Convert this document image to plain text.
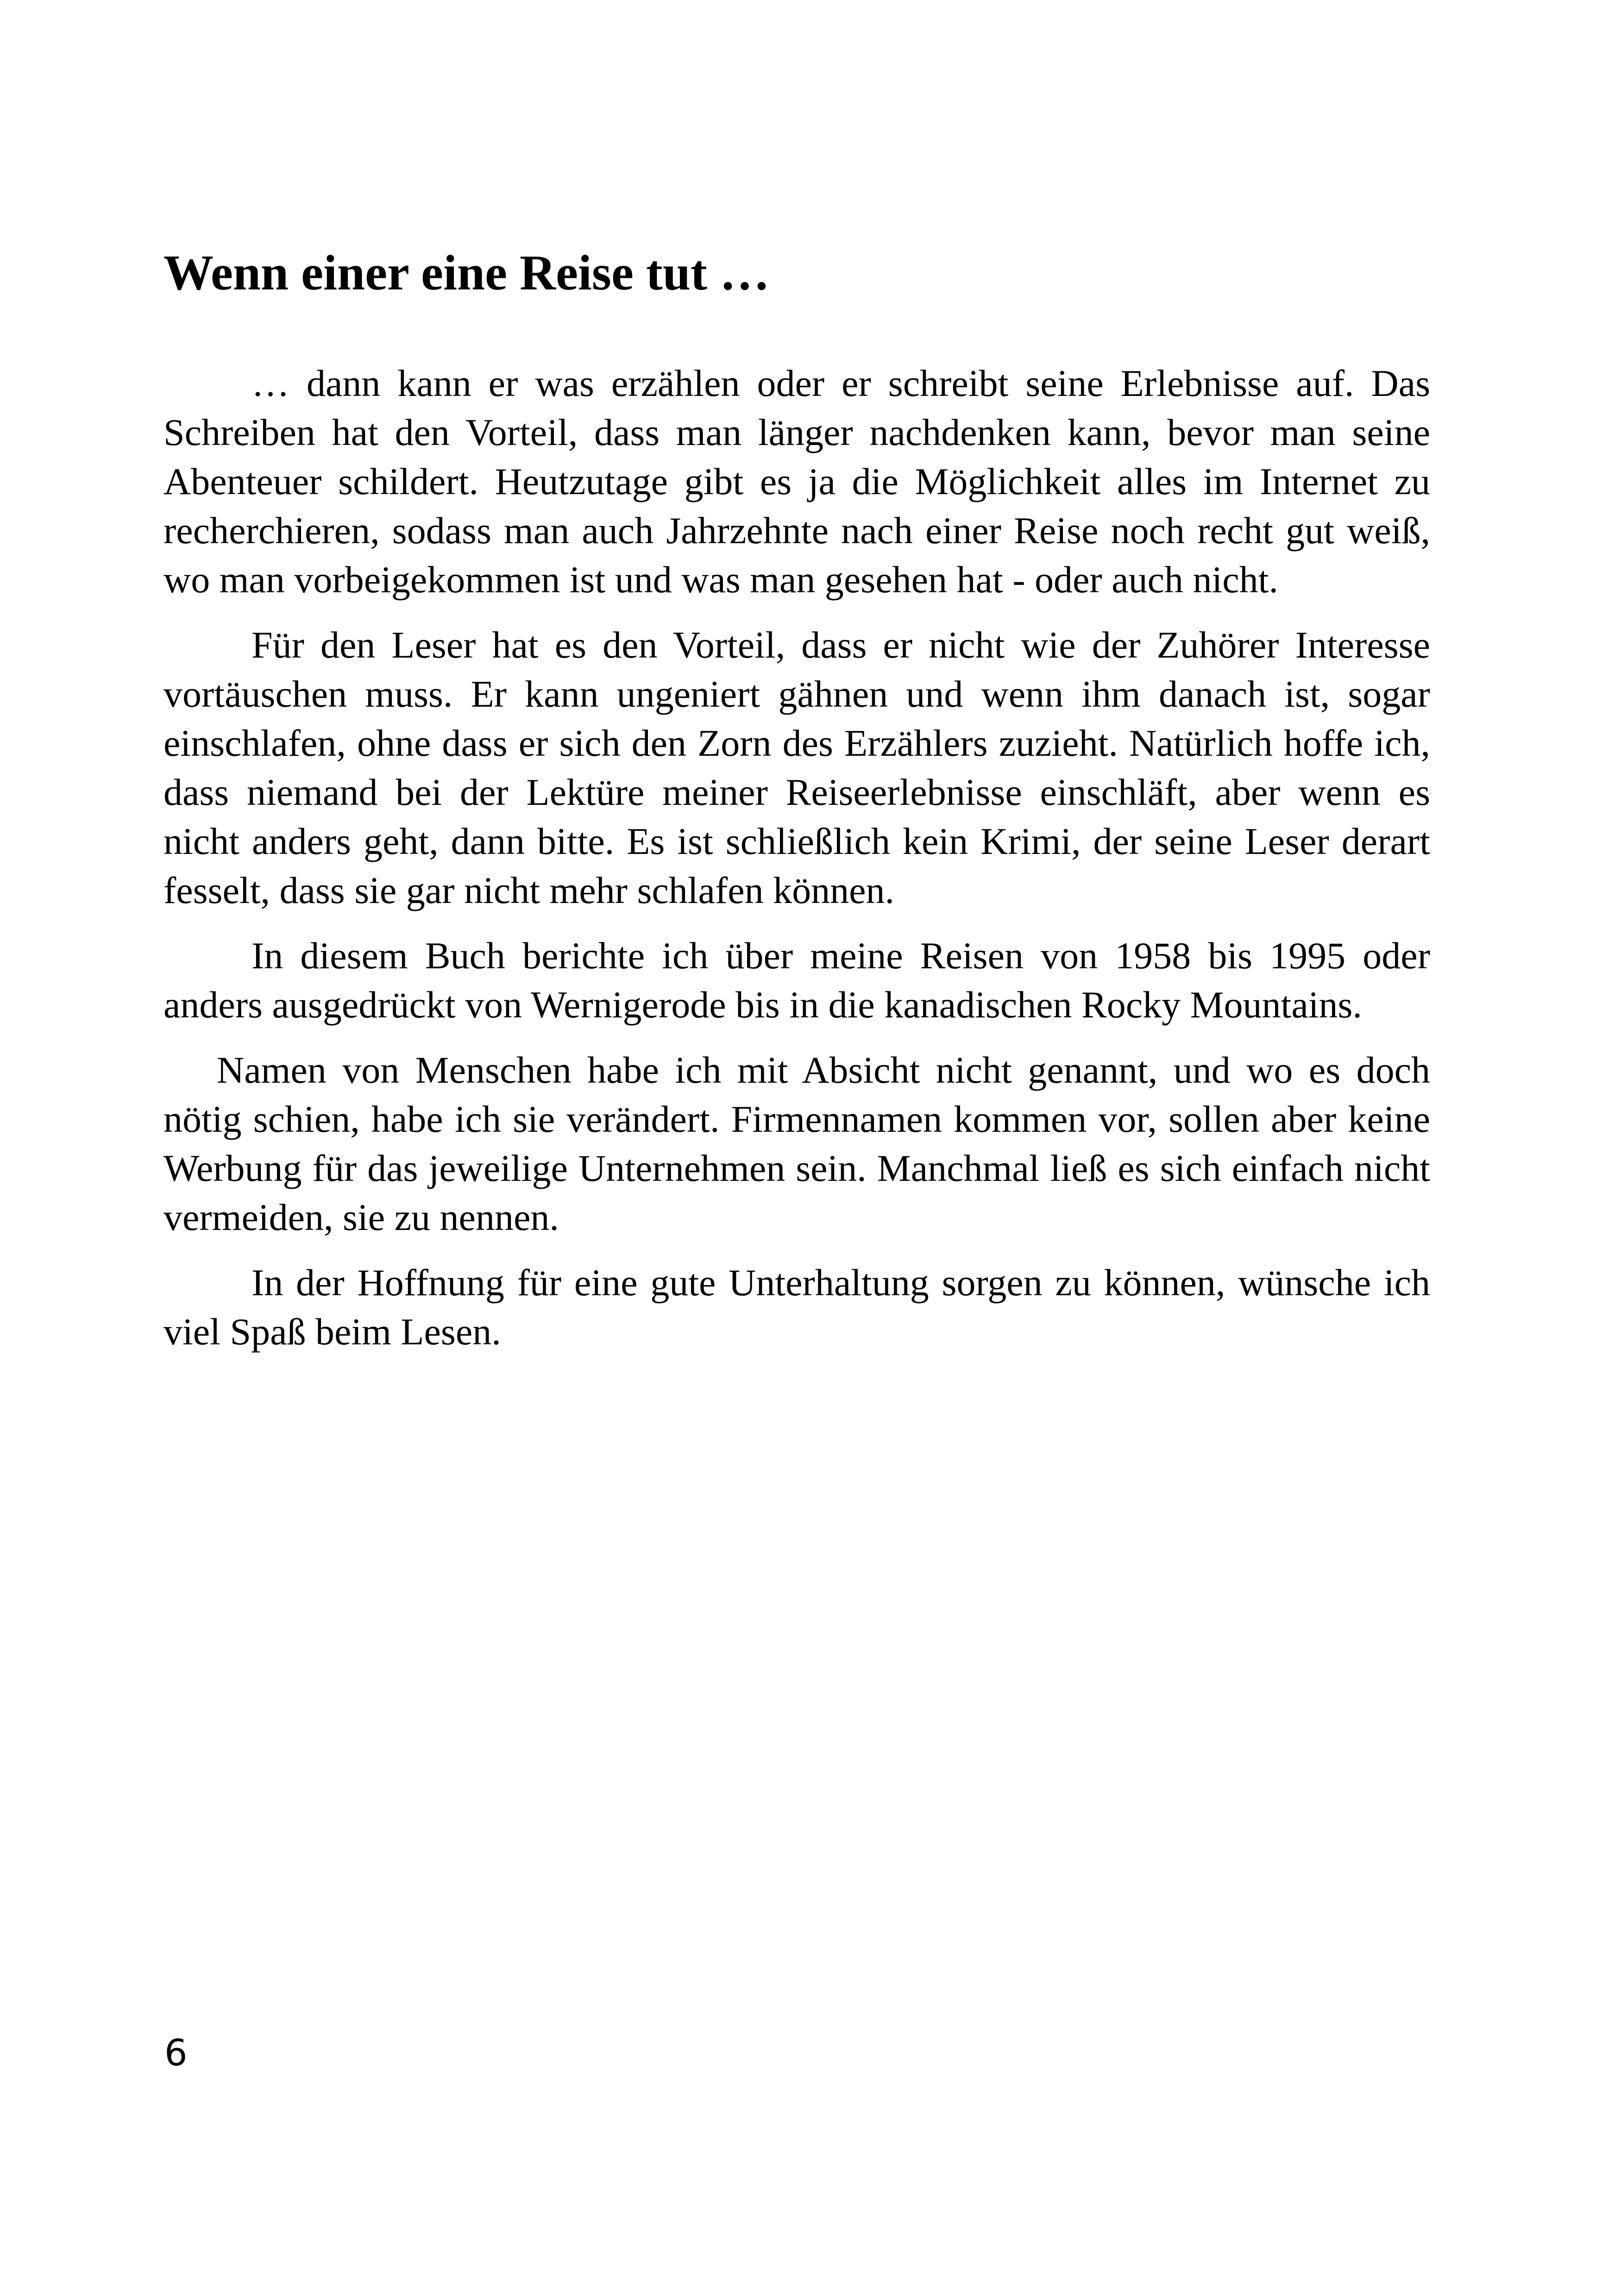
Wenn einer eine Reise tut …

… dann kann er was erzählen oder er schreibt seine Erlebnisse auf. Das Schreiben hat den Vorteil, dass man länger nachdenken kann, bevor man seine Abenteuer schildert. Heutzutage gibt es ja die Möglichkeit alles im Internet zu recherchieren, sodass man auch Jahrzehnte nach einer Reise noch recht gut weiß, wo man vorbeigekommen ist und was man gesehen hat - oder auch nicht.

Für den Leser hat es den Vorteil, dass er nicht wie der Zuhörer Interesse vortäuschen muss. Er kann ungeniert gähnen und wenn ihm danach ist, sogar einschlafen, ohne dass er sich den Zorn des Erzählers zuzieht. Natürlich hoffe ich, dass niemand bei der Lektüre meiner Reiseerlebnisse einschläft, aber wenn es nicht anders geht, dann bitte. Es ist schließlich kein Krimi, der seine Leser derart fesselt, dass sie gar nicht mehr schlafen können.

In diesem Buch berichte ich über meine Reisen von 1958 bis 1995 oder anders ausgedrückt von Wernigerode bis in die kanadischen Rocky Mountains.

Namen von Menschen habe ich mit Absicht nicht genannt, und wo es doch nötig schien, habe ich sie verändert. Firmennamen kommen vor, sollen aber keine Werbung für das jeweilige Unternehmen sein. Manchmal ließ es sich einfach nicht vermeiden, sie zu nennen.

In der Hoffnung für eine gute Unterhaltung sorgen zu können, wünsche ich viel Spaß beim Lesen.

6
